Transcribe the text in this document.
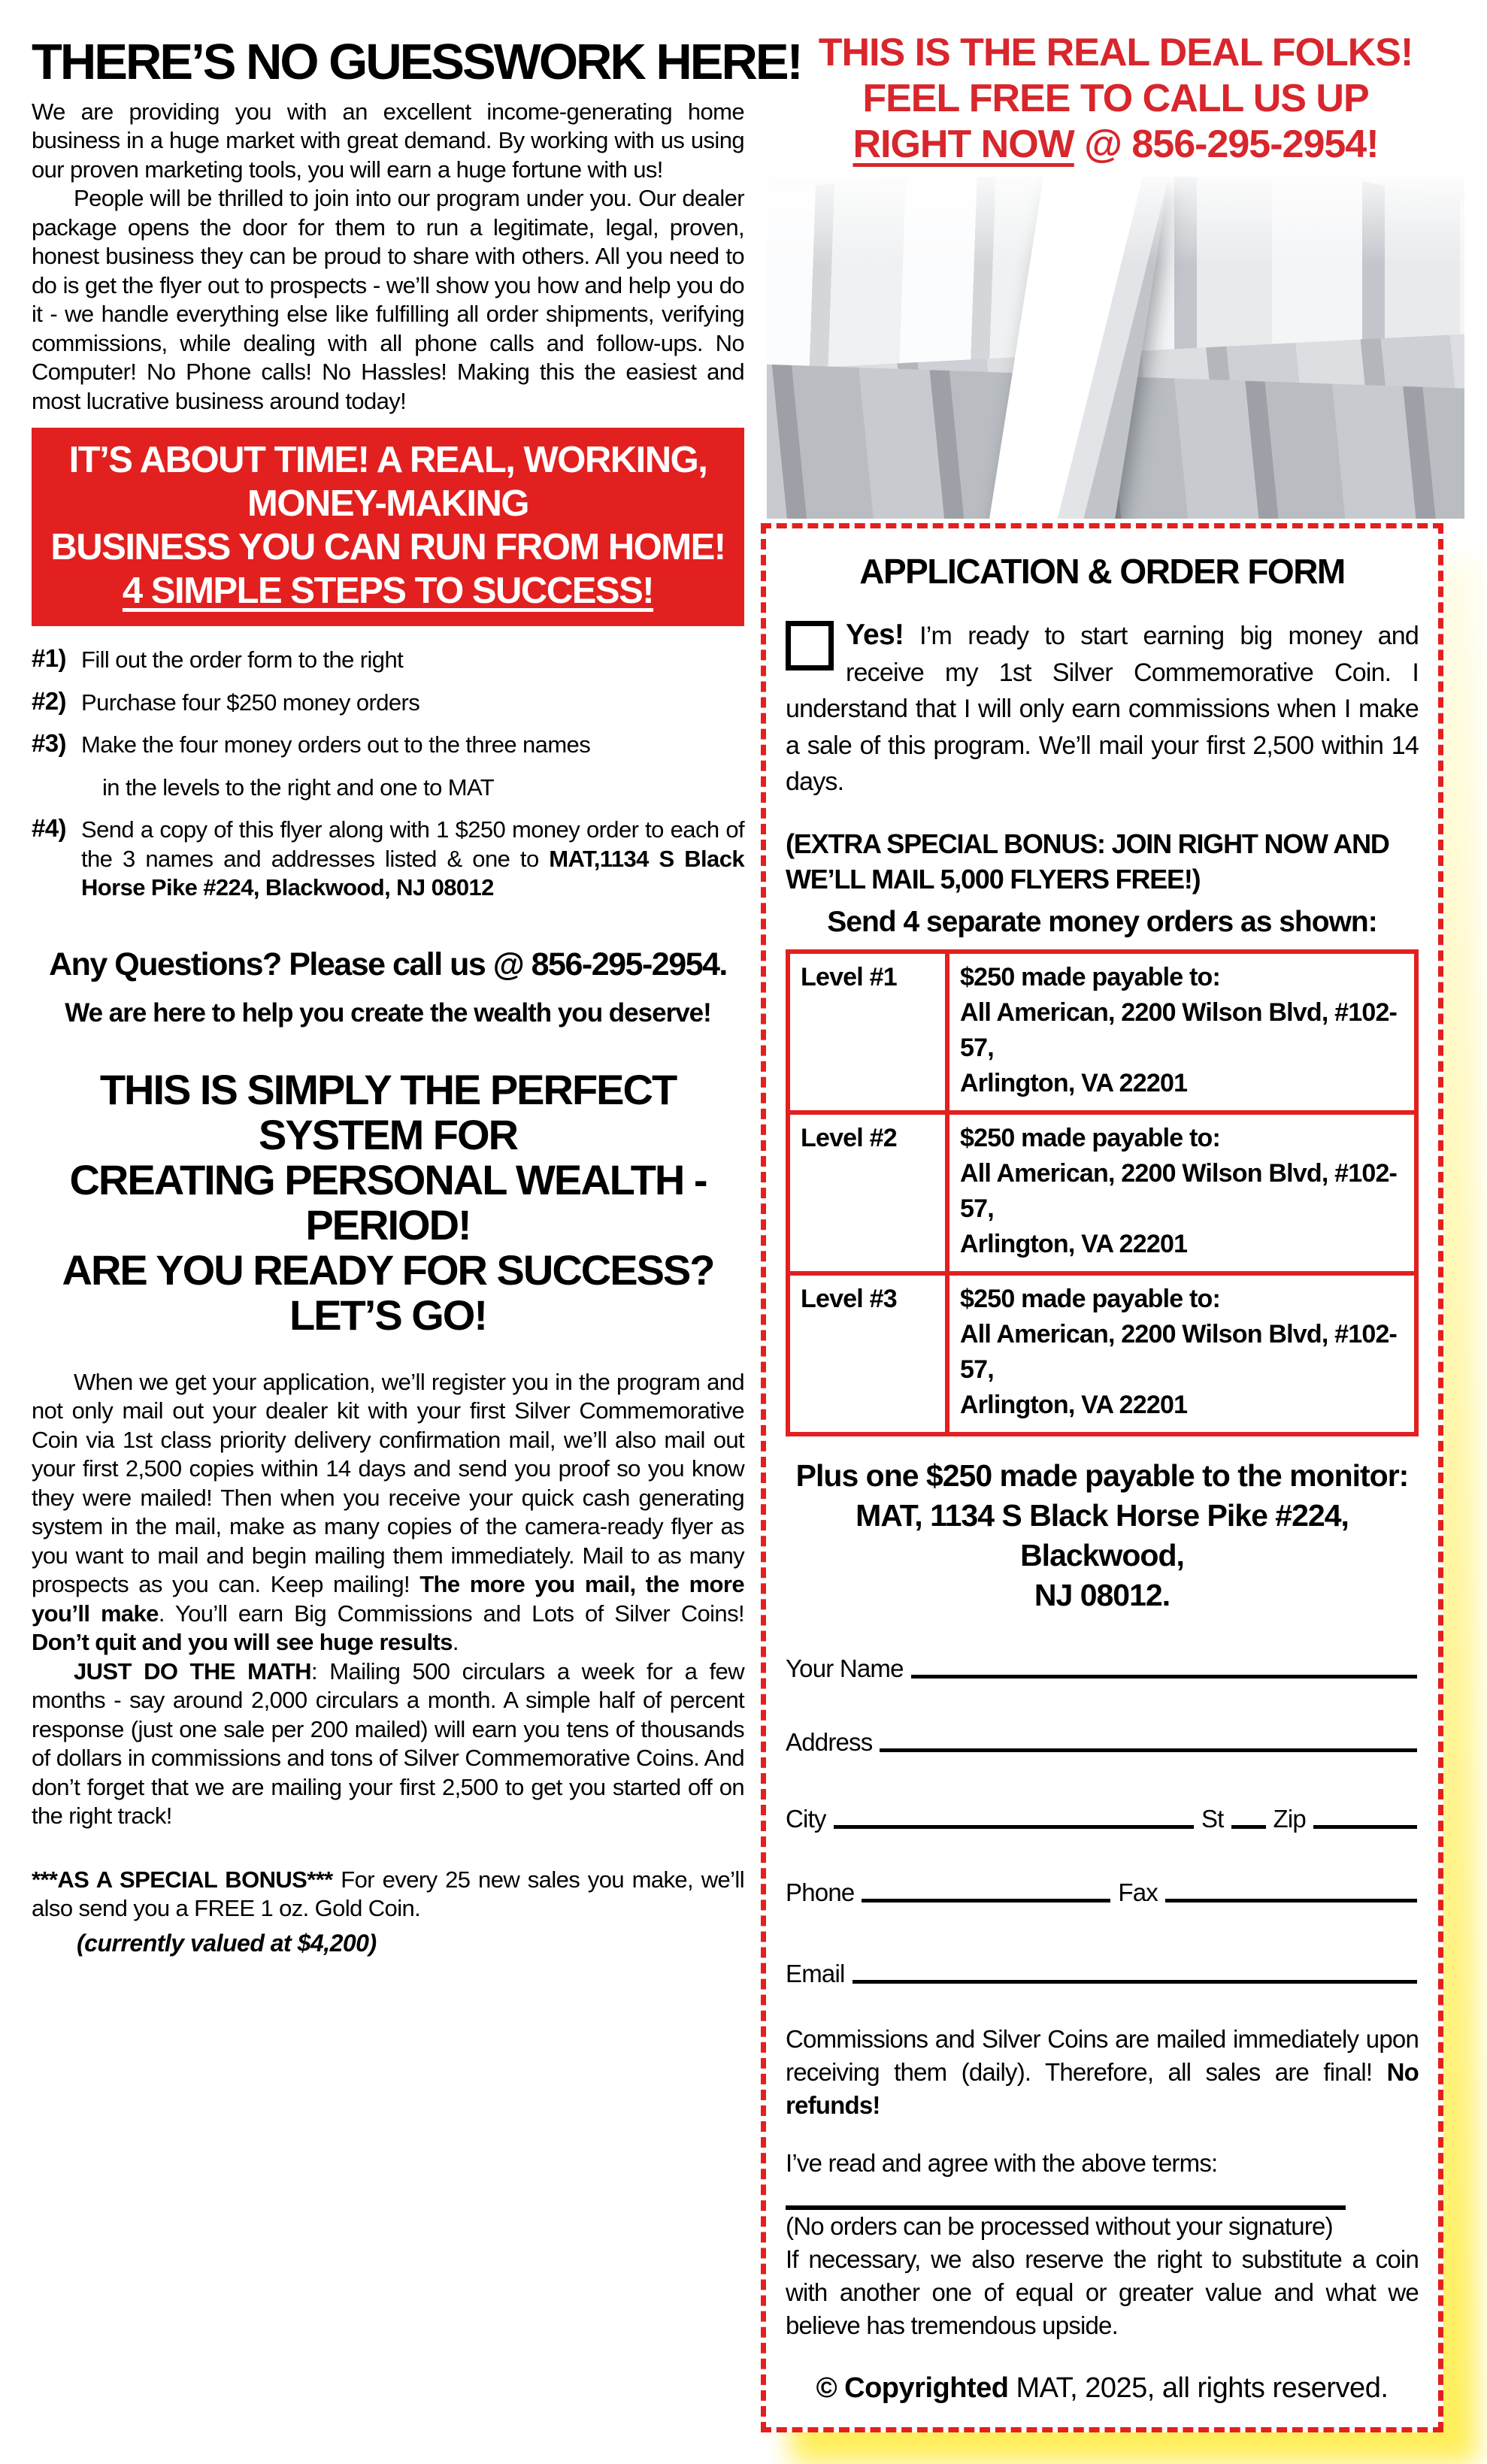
THERE’S NO GUESSWORK HERE!

We are providing you with an excellent income-generating home business in a huge market with great demand. By working with us using our proven marketing tools, you will earn a huge fortune with us!

People will be thrilled to join into our program under you. Our dealer package opens the door for them to run a legitimate, legal, proven, honest business they can be proud to share with others. All you need to do is get the flyer out to prospects - we’ll show you how and help you do it - we handle everything else like fulfilling all order shipments, verifying commissions, while dealing with all phone calls and follow-ups. No Computer! No Phone calls! No Hassles! Making this the easiest and most lucrative business around today!

IT’S ABOUT TIME! A REAL, WORKING, MONEY-MAKING
BUSINESS YOU CAN RUN FROM HOME!
4 SIMPLE STEPS TO SUCCESS!
#1) Fill out the order form to the right
#2) Purchase four $250 money orders
#3) Make the four money orders out to the three names
in the levels to the right and one to MAT
#4) Send a copy of this flyer along with 1 $250 money order to each of the 3 names and addresses listed & one to MAT,1134 S Black Horse Pike #224, Blackwood, NJ 08012
Any Questions? Please call us @ 856-295-2954.
We are here to help you create the wealth you deserve!
THIS IS SIMPLY THE PERFECT SYSTEM FOR
CREATING PERSONAL WEALTH - PERIOD!
ARE YOU READY FOR SUCCESS? LET’S GO!

When we get your application, we’ll register you in the program and not only mail out your dealer kit with your first Silver Commemorative Coin via 1st class priority delivery confirmation mail, we’ll also mail out your first 2,500 copies within 14 days and send you proof so you know they were mailed! Then when you receive your quick cash generating system in the mail, make as many copies of the camera-ready flyer as you want to mail and begin mailing them immediately. Mail to as many prospects as you can. Keep mailing! The more you mail, the more you’ll make. You’ll earn Big Commissions and Lots of Silver Coins! Don’t quit and you will see huge results.

JUST DO THE MATH: Mailing 500 circulars a week for a few months - say around 2,000 circulars a month. A simple half of percent response (just one sale per 200 mailed) will earn you tens of thousands of dollars in commissions and tons of Silver Commemorative Coins. And don’t forget that we are mailing your first 2,500 to get you started off on the right track!

***AS A SPECIAL BONUS*** For every 25 new sales you make, we’ll also send you a FREE 1 oz. Gold Coin.

(currently valued at $4,200)
THIS IS THE REAL DEAL FOLKS!
FEEL FREE TO CALL US UP
RIGHT NOW @ 856-295-2954!
APPLICATION & ORDER FORM

Yes! I’m ready to start earning big money and receive my 1st Silver Commemorative Coin. I understand that I will only earn commissions when I make a sale of this program. We’ll mail your first 2,500 within 14 days.

(EXTRA SPECIAL BONUS: JOIN RIGHT NOW AND WE’LL MAIL 5,000 FLYERS FREE!)
Send 4 separate money orders as shown:
Level #1	$250 made payable to:
All American, 2200 Wilson Blvd, #102-57,
Arlington, VA 22201

Level #2	$250 made payable to:
All American, 2200 Wilson Blvd, #102-57,
Arlington, VA 22201

Level #3	$250 made payable to:
All American, 2200 Wilson Blvd, #102-57,
Arlington, VA 22201
Plus one $250 made payable to the monitor:
MAT, 1134 S Black Horse Pike #224, Blackwood,
NJ 08012.
Your Name
Address
City	St Zip
Phone	Fax
Email

Commissions and Silver Coins are mailed immediately upon receiving them (daily). Therefore, all sales are final! No refunds!

I’ve read and agree with the above terms:
(No orders can be processed without your signature)

If necessary, we also reserve the right to substitute a coin with another one of equal or greater value and what we believe has tremendous upside.

© Copyrighted MAT, 2025, all rights reserved.
